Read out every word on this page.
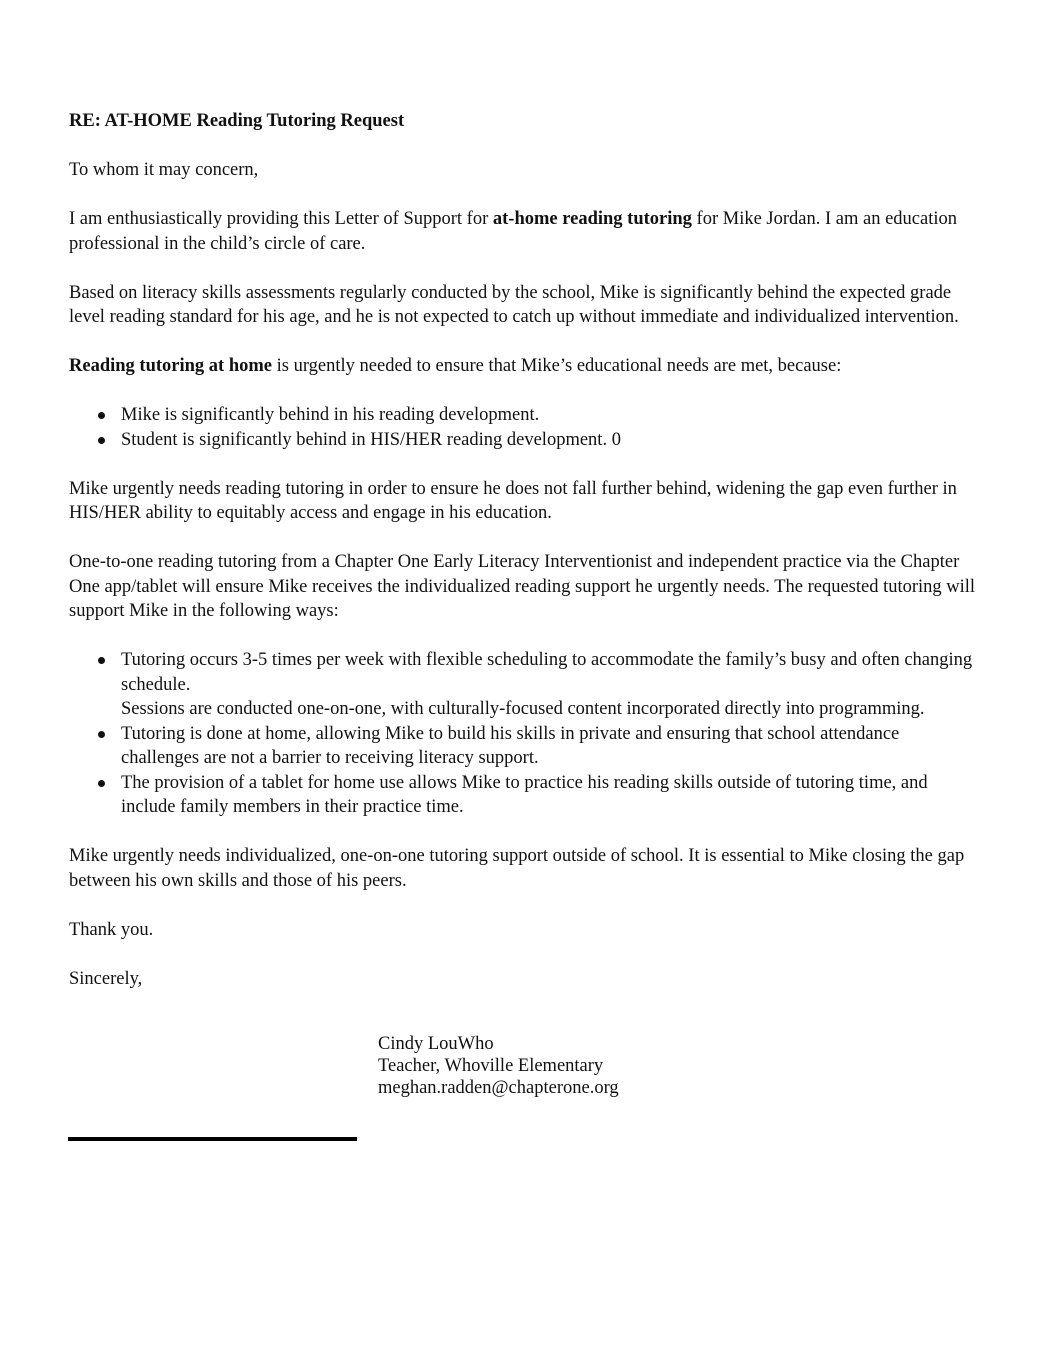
RE: AT-HOME Reading Tutoring Request

To whom it may concern,

I am enthusiastically providing this Letter of Support for at-home reading tutoring for Mike Jordan. I am an education professional in the child’s circle of care.

Based on literacy skills assessments regularly conducted by the school, Mike is significantly behind the expected grade level reading standard for his age, and he is not expected to catch up without immediate and individualized intervention.

Reading tutoring at home is urgently needed to ensure that Mike’s educational needs are met, because:

Mike is significantly behind in his reading development.
Student is significantly behind in HIS/HER reading development. 0

Mike urgently needs reading tutoring in order to ensure he does not fall further behind, widening the gap even further in HIS/HER ability to equitably access and engage in his education.

One-to-one reading tutoring from a Chapter One Early Literacy Interventionist and independent practice via the Chapter One app/tablet will ensure Mike receives the individualized reading support he urgently needs. The requested tutoring will support Mike in the following ways:

Tutoring occurs 3-5 times per week with flexible scheduling to accommodate the family’s busy and often changing schedule.
Sessions are conducted one-on-one, with culturally-focused content incorporated directly into programming.
Tutoring is done at home, allowing Mike to build his skills in private and ensuring that school attendance challenges are not a barrier to receiving literacy support.
The provision of a tablet for home use allows Mike to practice his reading skills outside of tutoring time, and include family members in their practice time.

Mike urgently needs individualized, one-on-one tutoring support outside of school. It is essential to Mike closing the gap between his own skills and those of his peers.

Thank you.

Sincerely,

Cindy LouWho
Teacher, Whoville Elementary
meghan.radden@chapterone.org
